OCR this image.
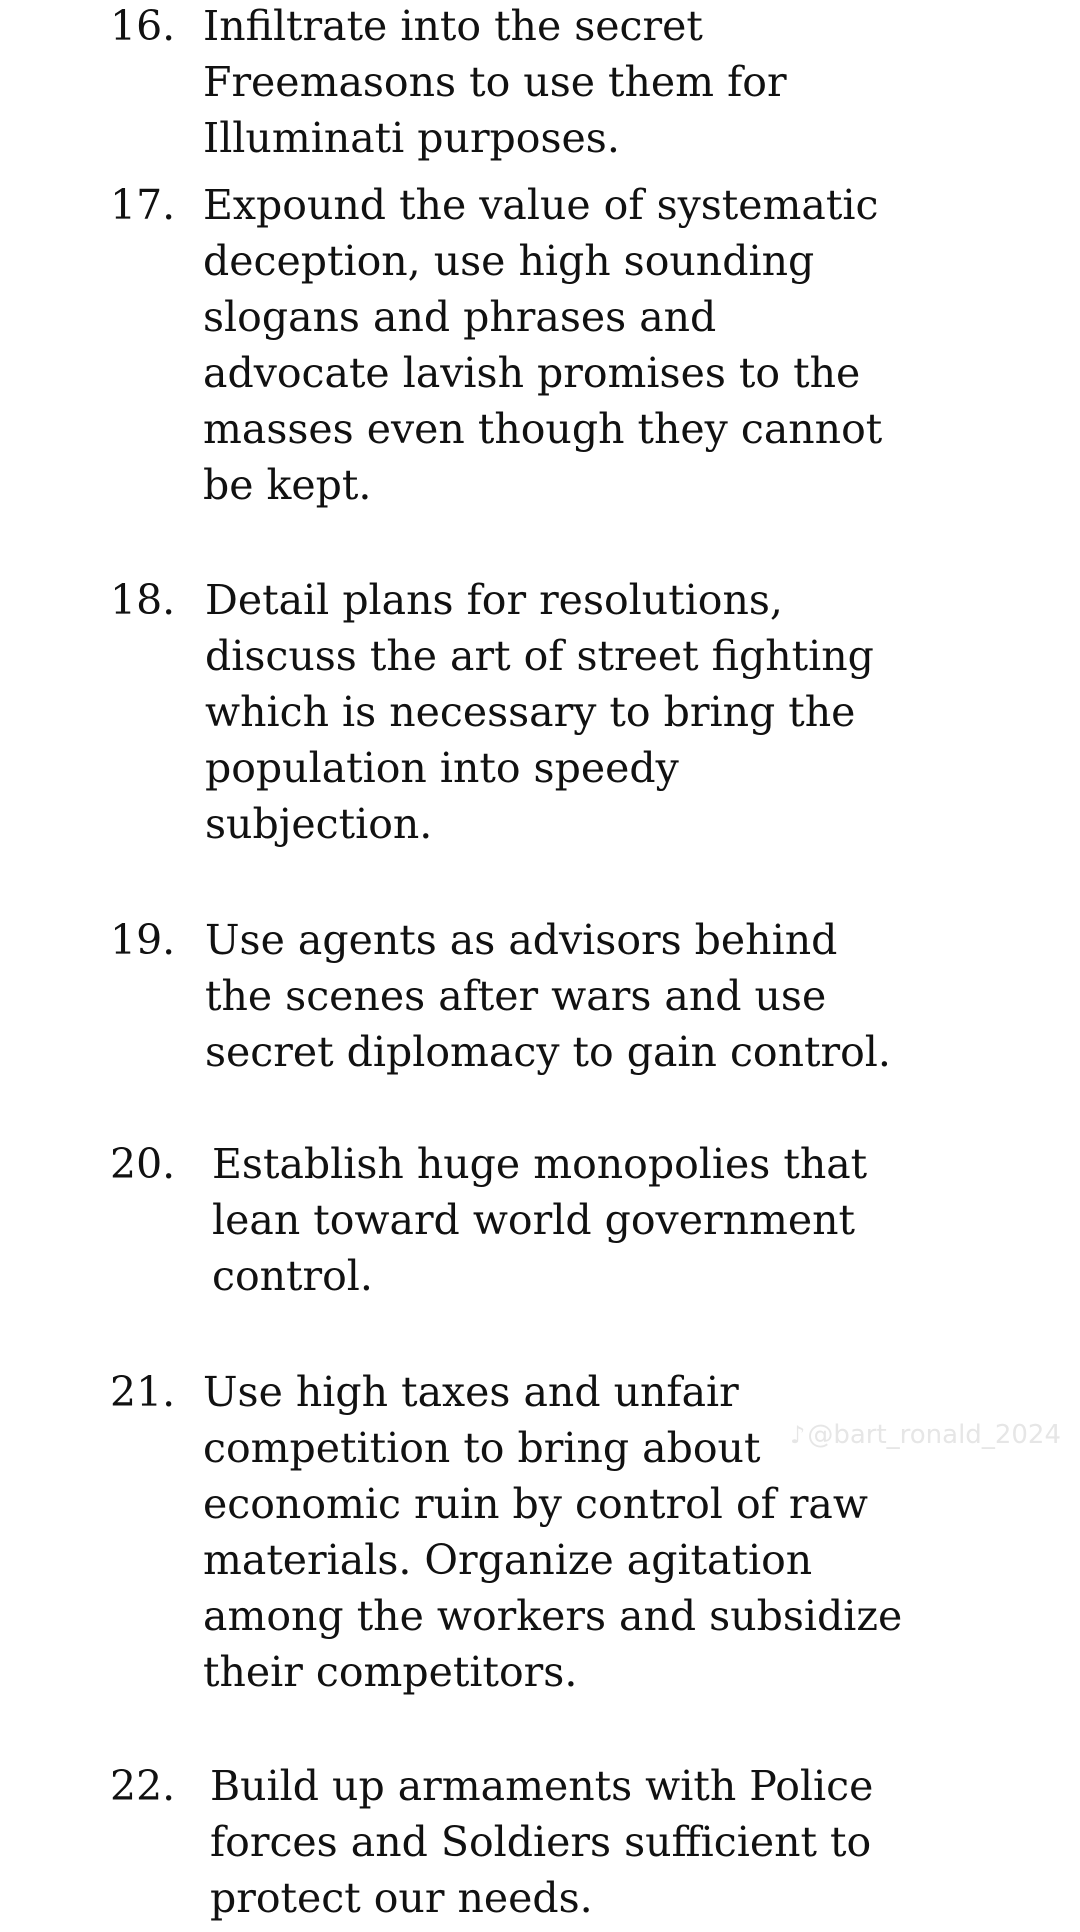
16. Infiltrate into the secret
Freemasons to use them for
Illuminati purposes.
17. Expound the value of systematic
deception, use high sounding
slogans and phrases and
advocate lavish promises to the
masses even though they cannot
be kept.
18. Detail plans for resolutions,
discuss the art of street fighting
which is necessary to bring the
population into speedy
subjection.
19. Use agents as advisors behind
the scenes after wars and use
secret diplomacy to gain control.
20. Establish huge monopolies that
lean toward world government
control.
21. Use high taxes and unfair
competition to bring about
economic ruin by control of raw
materials. Organize agitation
among the workers and subsidize
their competitors.
22. Build up armaments with Police
forces and Soldiers sufficient to
protect our needs.
♪@bart_ronald_2024
